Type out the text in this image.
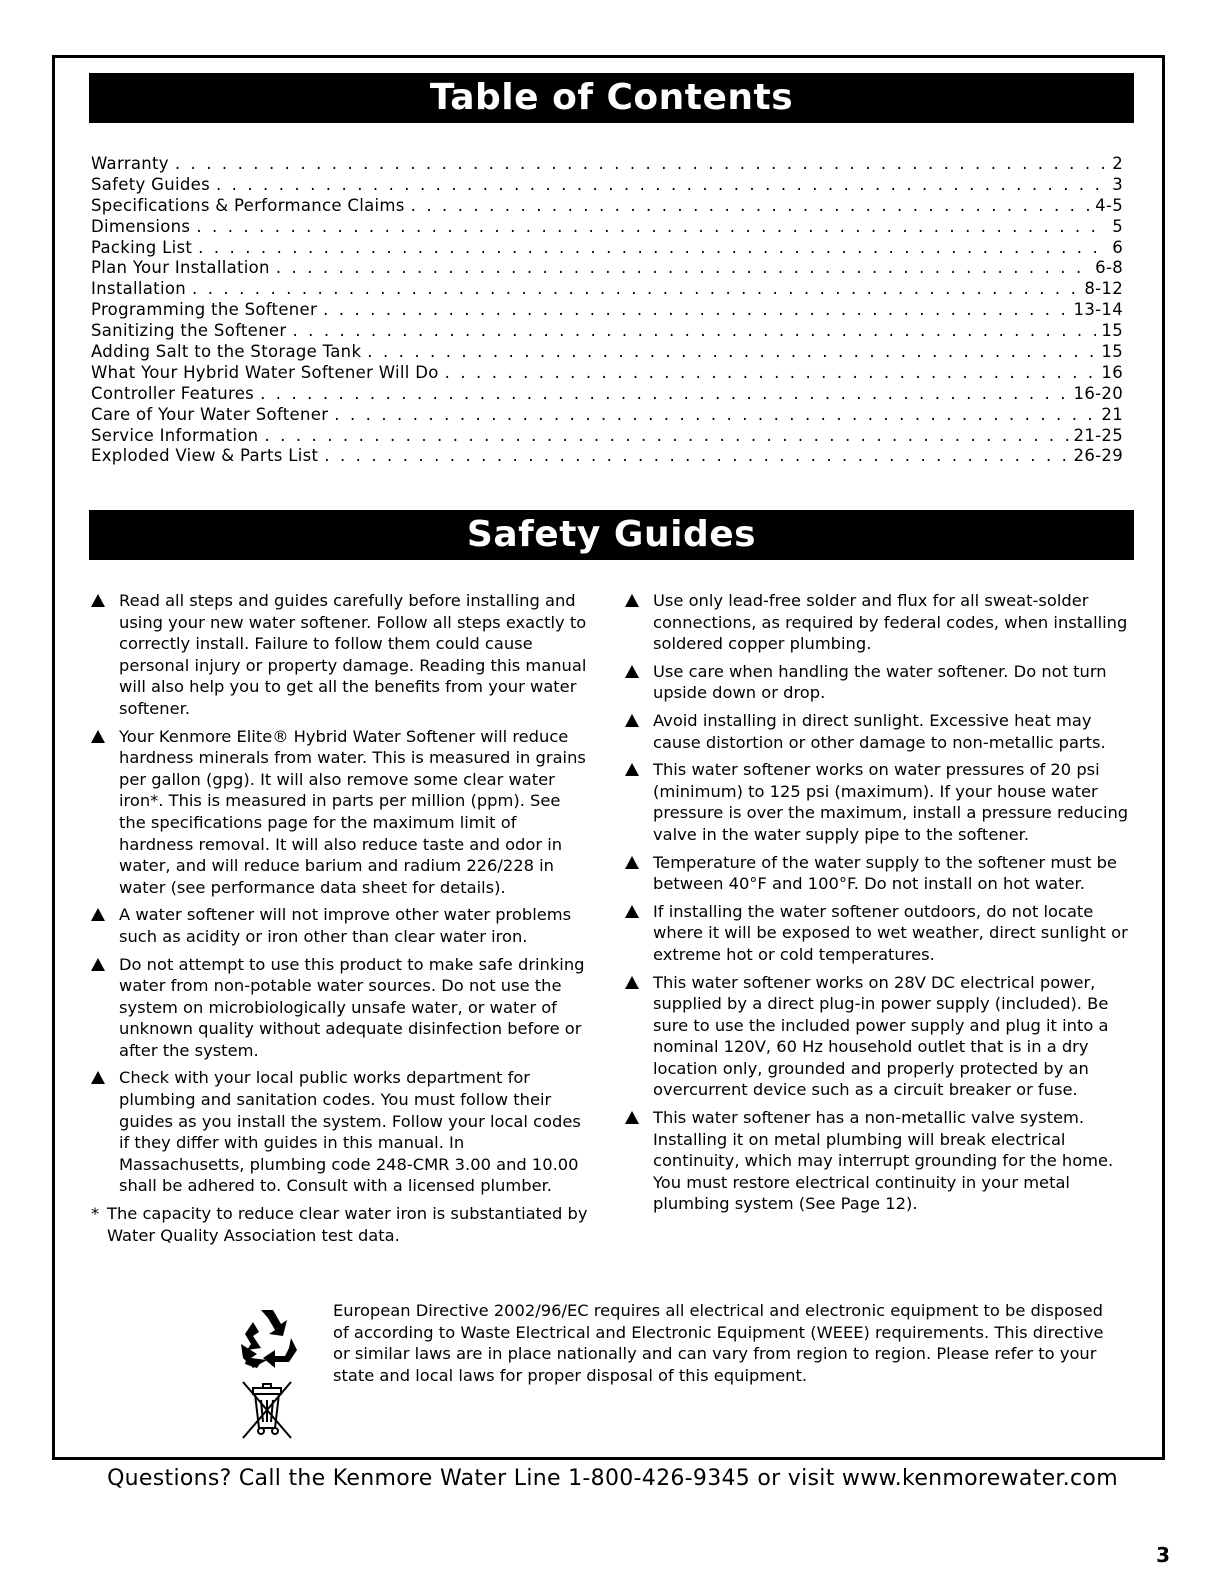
Table of Contents
Warranty . . .	2
Safety Guides . . .	3
Specifications & Performance Claims . . .	4-5
Dimensions . . .	5
Packing List . . .	6
Plan Your Installation . . .	6-8
Installation . . .	8-12
Programming the Softener . . .	13-14
Sanitizing the Softener . . .	15
Adding Salt to the Storage Tank . . .	15
What Your Hybrid Water Softener Will Do . . .	16
Controller Features . . .	16-20
Care of Your Water Softener . . .	21
Service Information . . .	21-25
Exploded View & Parts List . . .	26-29
Safety Guides
Read all steps and guides carefully before installing and using your new water softener. Follow all steps exactly to correctly install. Failure to follow them could cause personal injury or property damage. Reading this manual will also help you to get all the benefits from your water softener.
Your Kenmore Elite® Hybrid Water Softener will reduce hardness minerals from water. This is measured in grains per gallon (gpg). It will also remove some clear water iron*. This is measured in parts per million (ppm). See the specifications page for the maximum limit of hardness removal. It will also reduce taste and odor in water, and will reduce barium and radium 226/228 in water (see performance data sheet for details).
A water softener will not improve other water problems such as acidity or iron other than clear water iron.
Do not attempt to use this product to make safe drinking water from non-potable water sources. Do not use the system on microbiologically unsafe water, or water of unknown quality without adequate disinfection before or after the system.
Check with your local public works department for plumbing and sanitation codes. You must follow their guides as you install the system. Follow your local codes if they differ with guides in this manual. In Massachusetts, plumbing code 248-CMR 3.00 and 10.00 shall be adhered to. Consult with a licensed plumber.
* The capacity to reduce clear water iron is substantiated by Water Quality Association test data.
Use only lead-free solder and flux for all sweat-solder connections, as required by federal codes, when installing soldered copper plumbing.
Use care when handling the water softener. Do not turn upside down or drop.
Avoid installing in direct sunlight. Excessive heat may cause distortion or other damage to non-metallic parts.
This water softener works on water pressures of 20 psi (minimum) to 125 psi (maximum). If your house water pressure is over the maximum, install a pressure reducing valve in the water supply pipe to the softener.
Temperature of the water supply to the softener must be between 40°F and 100°F. Do not install on hot water.
If installing the water softener outdoors, do not locate where it will be exposed to wet weather, direct sunlight or extreme hot or cold temperatures.
This water softener works on 28V DC electrical power, supplied by a direct plug-in power supply (included). Be sure to use the included power supply and plug it into a nominal 120V, 60 Hz household outlet that is in a dry location only, grounded and properly protected by an overcurrent device such as a circuit breaker or fuse.
This water softener has a non-metallic valve system. Installing it on metal plumbing will break electrical continuity, which may interrupt grounding for the home. You must restore electrical continuity in your metal plumbing system (See Page 12).
European Directive 2002/96/EC requires all electrical and electronic equipment to be disposed of according to Waste Electrical and Electronic Equipment (WEEE) requirements. This directive or similar laws are in place nationally and can vary from region to region. Please refer to your state and local laws for proper disposal of this equipment.
Questions? Call the Kenmore Water Line 1-800-426-9345 or visit www.kenmorewater.com
3
